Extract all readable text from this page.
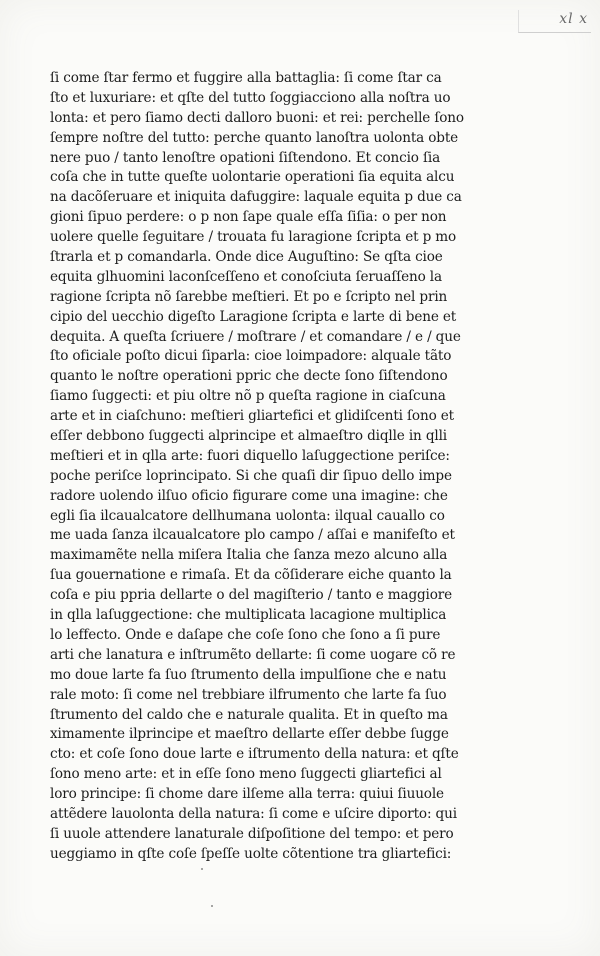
xl x
ſi come ſtar fermo et fuggire alla battaglia: ſi come ſtar ca
ſto et luxuriare: et qſte del tutto ſoggiacciono alla noſtra uo
lonta: et pero ſiamo decti dalloro buoni: et rei: perchelle ſono
ſempre noſtre del tutto: perche quanto lanoſtra uolonta obte
nere puo / tanto lenoſtre opationi ſiſtendono. Et concio ſia
coſa che in tutte queſte uolontarie operationi ſia equita alcu
na dacõſeruare et iniquita dafuggire: laquale equita p due ca
gioni ſipuo perdere: o p non ſape quale eſſa ſiſia: o per non
uolere quelle ſeguitare / trouata fu laragione ſcripta et p mo
ſtrarla et p comandarla. Onde dice Auguſtino: Se qſta cioe
equita glhuomini laconſceſſeno et conoſciuta ſeruaſſeno la
ragione ſcripta nõ ſarebbe meſtieri. Et po e ſcripto nel prin
cipio del uecchio digeſto Laragione ſcripta e larte di bene et
dequita. A queſta ſcriuere / moſtrare / et comandare / e / que
ſto oficiale poſto dicui ſiparla: cioe loimpadore: alquale tãto
quanto le noſtre operationi ppric che decte ſono ſiſtendono
ſiamo ſuggecti: et piu oltre nõ p queſta ragione in ciaſcuna
arte et in ciaſchuno: meſtieri gliartefici et glidiſcenti ſono et
eſſer debbono ſuggecti alprincipe et almaeſtro diqlle in qlli
meſtieri et in qlla arte: fuori diquello laſuggectione periſce:
poche periſce loprincipato. Si che quaſi dir ſipuo dello impe
radore uolendo ilſuo oficio figurare come una imagine: che
egli ſia ilcaualcatore dellhumana uolonta: ilqual cauallo co
me uada ſanza ilcaualcatore plo campo / aſſai e manifeſto et
maximamẽte nella miſera Italia che ſanza mezo alcuno alla
ſua gouernatione e rimaſa. Et da cõſiderare eiche quanto la
coſa e piu ppria dellarte o del magiſterio / tanto e maggiore
in qlla laſuggectione: che multiplicata lacagione multiplica
lo leffecto. Onde e daſape che coſe ſono che ſono a ſi pure
arti che lanatura e inſtrumẽto dellarte: ſi come uogare cõ re
mo doue larte fa ſuo ſtrumento della impulſione che e natu
rale moto: ſi come nel trebbiare ilfrumento che larte fa ſuo
ſtrumento del caldo che e naturale qualita. Et in queſto ma
ximamente ilprincipe et maeſtro dellarte eſſer debbe ſugge
cto: et coſe ſono doue larte e iſtrumento della natura: et qſte
ſono meno arte: et in eſſe ſono meno ſuggecti gliartefici al
loro principe: ſi chome dare ilſeme alla terra: quiui ſiuuole
attẽdere lauolonta della natura: ſi come e uſcire diporto: qui
ſi uuole attendere lanaturale diſpoſitione del tempo: et pero
ueggiamo in qſte coſe ſpeſſe uolte cõtentione tra gliartefici:
